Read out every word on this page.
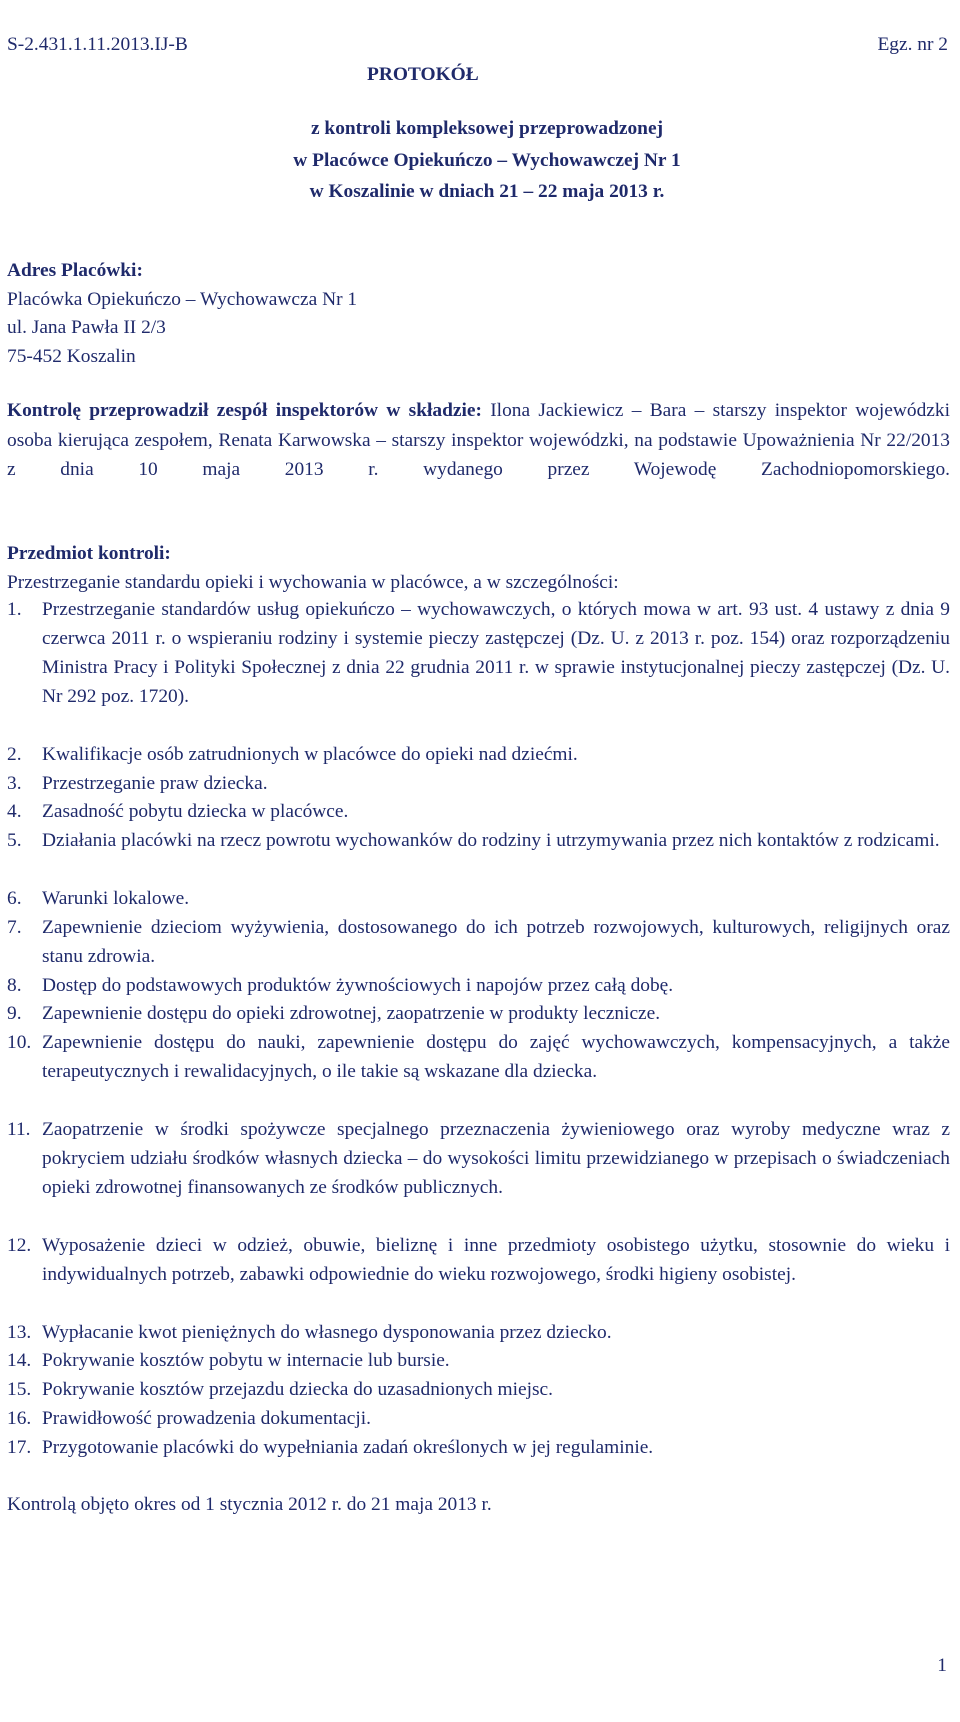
S-2.431.1.11.2013.IJ-B	Egz. nr 2
PROTOKÓŁ
z kontroli kompleksowej przeprowadzonej
w Placówce Opiekuńczo – Wychowawczej Nr 1
w Koszalinie w dniach 21 – 22 maja 2013 r.
Adres Placówki:
Placówka Opiekuńczo – Wychowawcza Nr 1
ul. Jana Pawła II 2/3
75-452 Koszalin
Kontrolę przeprowadził zespół inspektorów w składzie: Ilona Jackiewicz – Bara – starszy inspektor wojewódzki osoba kierująca zespołem, Renata Karwowska – starszy inspektor wojewódzki, na podstawie Upoważnienia Nr 22/2013 z dnia 10 maja 2013 r. wydanego przez Wojewodę Zachodniopomorskiego.
Przedmiot kontroli:
Przestrzeganie standardu opieki i wychowania w placówce, a w szczególności:
1. Przestrzeganie standardów usług opiekuńczo – wychowawczych, o których mowa w art. 93 ust. 4 ustawy z dnia 9 czerwca 2011 r. o wspieraniu rodziny i systemie pieczy zastępczej (Dz. U. z 2013 r. poz. 154) oraz rozporządzeniu Ministra Pracy i Polityki Społecznej z dnia 22 grudnia 2011 r. w sprawie instytucjonalnej pieczy zastępczej (Dz. U. Nr 292 poz. 1720).
2. Kwalifikacje osób zatrudnionych w placówce do opieki nad dziećmi.
3. Przestrzeganie praw dziecka.
4. Zasadność pobytu dziecka w placówce.
5. Działania placówki na rzecz powrotu wychowanków do rodziny i utrzymywania przez nich kontaktów z rodzicami.
6. Warunki lokalowe.
7. Zapewnienie dzieciom wyżywienia, dostosowanego do ich potrzeb rozwojowych, kulturowych, religijnych oraz stanu zdrowia.
8. Dostęp do podstawowych produktów żywnościowych i napojów przez całą dobę.
9. Zapewnienie dostępu do opieki zdrowotnej, zaopatrzenie w produkty lecznicze.
10. Zapewnienie dostępu do nauki, zapewnienie dostępu do zajęć wychowawczych, kompensacyjnych, a także terapeutycznych i rewalidacyjnych, o ile takie są wskazane dla dziecka.
11. Zaopatrzenie w środki spożywcze specjalnego przeznaczenia żywieniowego oraz wyroby medyczne wraz z pokryciem udziału środków własnych dziecka – do wysokości limitu przewidzianego w przepisach o świadczeniach opieki zdrowotnej finansowanych ze środków publicznych.
12. Wyposażenie dzieci w odzież, obuwie, bieliznę i inne przedmioty osobistego użytku, stosownie do wieku i indywidualnych potrzeb, zabawki odpowiednie do wieku rozwojowego, środki higieny osobistej.
13. Wypłacanie kwot pieniężnych do własnego dysponowania przez dziecko.
14. Pokrywanie kosztów pobytu w internacie lub bursie.
15. Pokrywanie kosztów przejazdu dziecka do uzasadnionych miejsc.
16. Prawidłowość prowadzenia dokumentacji.
17. Przygotowanie placówki do wypełniania zadań określonych w jej regulaminie.
Kontrolą objęto okres od 1 stycznia 2012 r. do 21 maja 2013 r.
1
